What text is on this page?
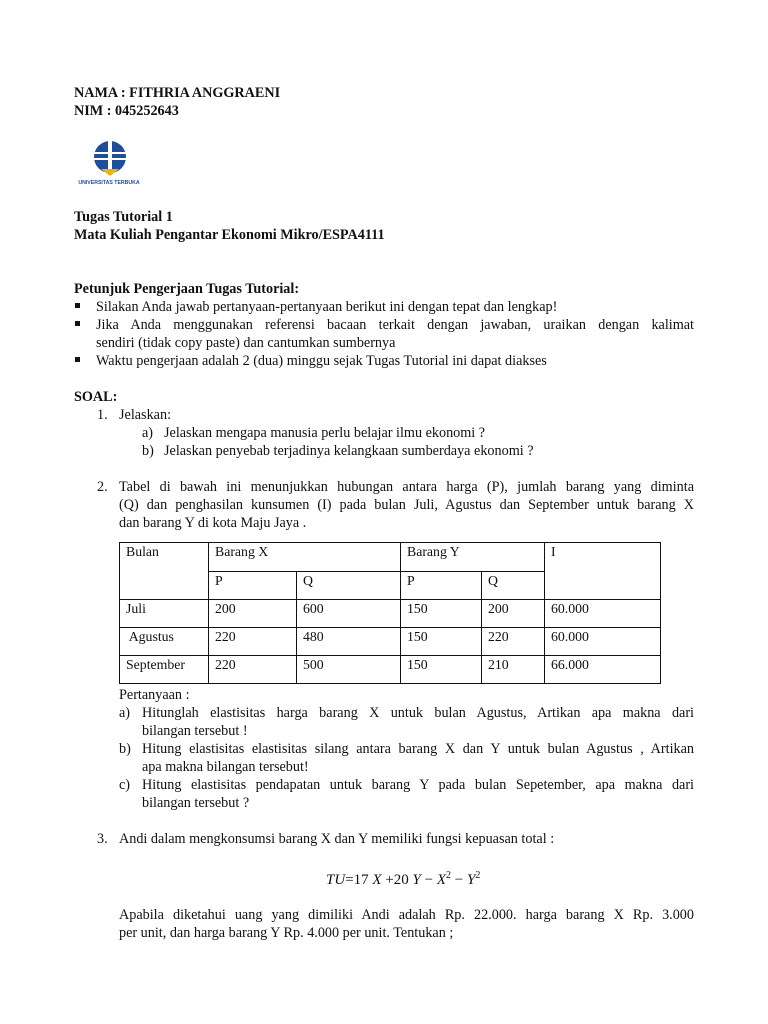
NAMA : FITHRIA ANGGRAENI
NIM : 045252643
UNIVERSITAS TERBUKA
Tugas Tutorial 1
Mata Kuliah Pengantar Ekonomi Mikro/ESPA4111
Petunjuk Pengerjaan Tugas Tutorial:
Silakan Anda jawab pertanyaan-pertanyaan berikut ini dengan tepat dan lengkap!
Jika Anda menggunakan referensi bacaan terkait dengan jawaban, uraikan dengan kalimat
sendiri (tidak copy paste) dan cantumkan sumbernya
Waktu pengerjaan adalah 2 (dua) minggu sejak Tugas Tutorial ini dapat diakses
SOAL:
1. Jelaskan:
a) Jelaskan mengapa manusia perlu belajar ilmu ekonomi ?
b) Jelaskan penyebab terjadinya kelangkaan sumberdaya ekonomi ?
2. Tabel di bawah ini menunjukkan hubungan antara harga (P), jumlah barang yang diminta
(Q) dan penghasilan kunsumen (I) pada bulan Juli, Agustus dan September untuk barang X
dan barang Y di kota Maju Jaya .
Bulan	Barang X		Barang Y		I
	P	Q	P	Q	
Juli	200	600	150	200	60.000
Agustus	220	480	150	220	60.000
September	220	500	150	210	66.000
Pertanyaan :
a) Hitunglah elastisitas harga barang X untuk bulan Agustus, Artikan apa makna dari
bilangan tersebut !
b) Hitung elastisitas elastisitas silang antara barang X dan Y untuk bulan Agustus , Artikan
apa makna bilangan tersebut!
c) Hitung elastisitas pendapatan untuk barang Y pada bulan Sepetember, apa makna dari
bilangan tersebut ?
3. Andi dalam mengkonsumsi barang X dan Y memiliki fungsi kepuasan total :
TU=17 X +20 $Y - X^2 - Y^2$
Apabila diketahui uang yang dimiliki Andi adalah Rp. 22.000. harga barang X Rp. 3.000
per unit, dan harga barang Y Rp. 4.000 per unit. Tentukan ;
